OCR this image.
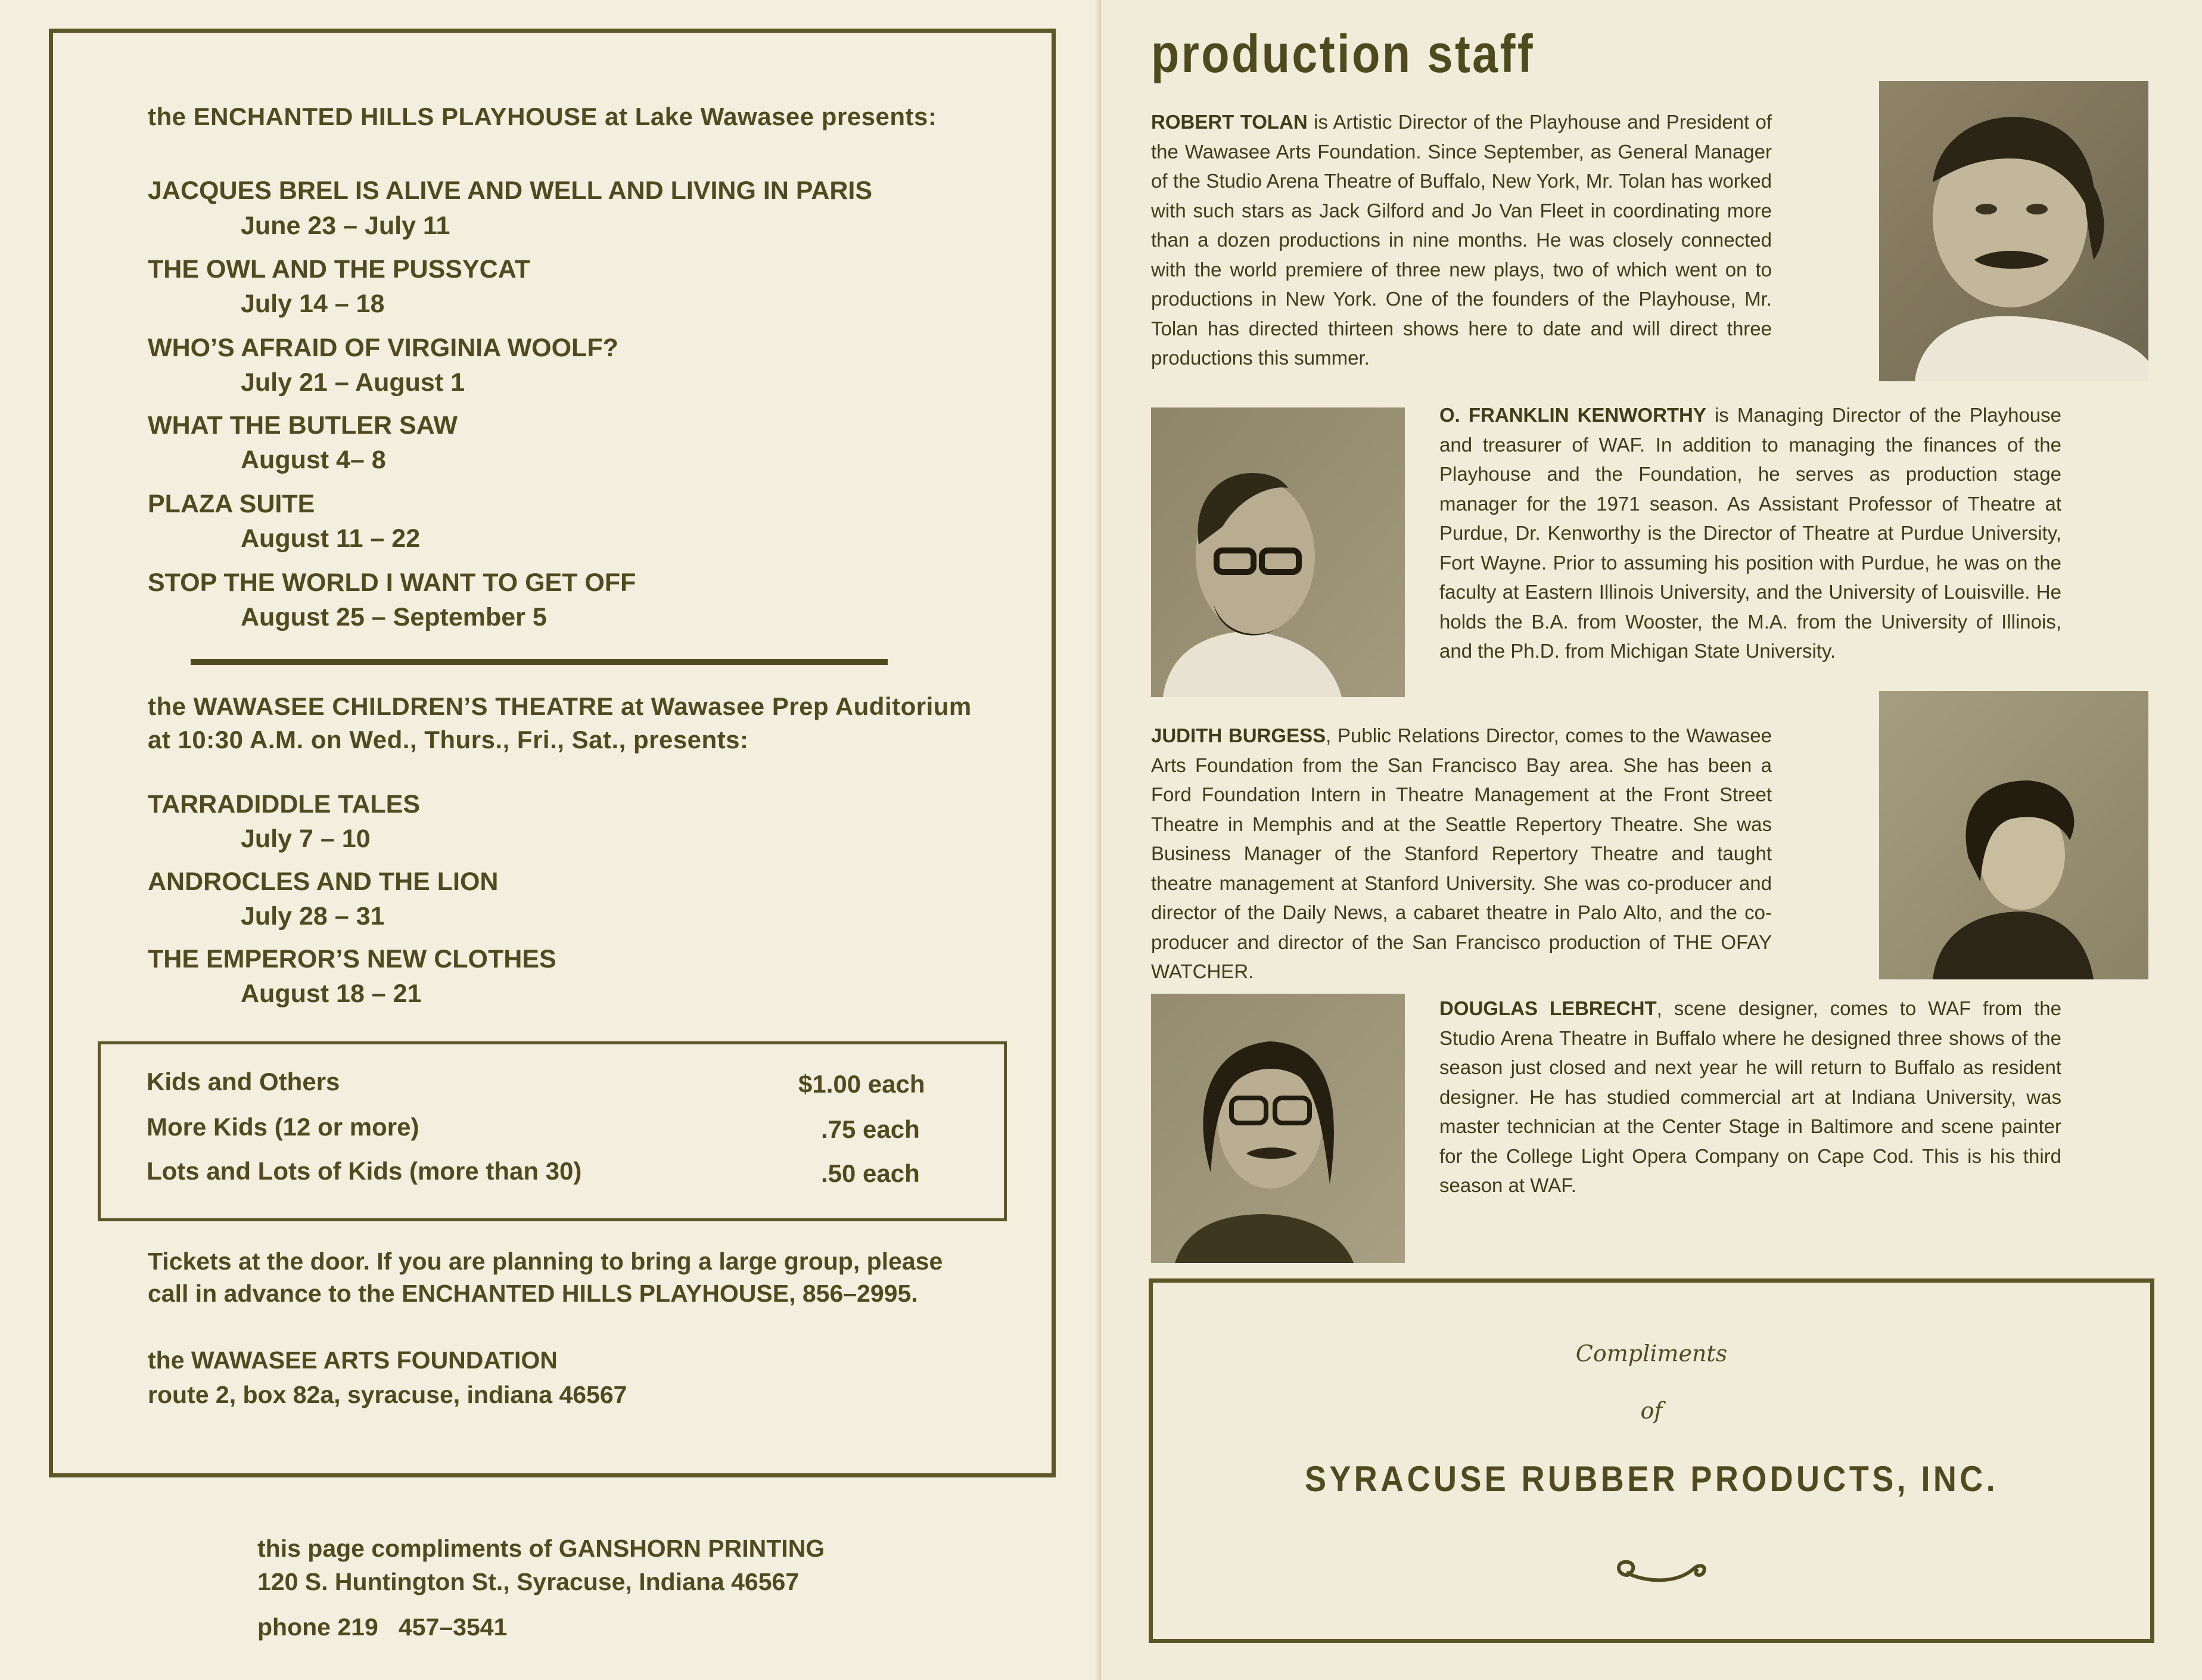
the ENCHANTED HILLS PLAYHOUSE at Lake Wawasee presents:
JACQUES BREL IS ALIVE AND WELL AND LIVING IN PARIS
June 23 – July 11
THE OWL AND THE PUSSYCAT
July 14 – 18
WHO’S AFRAID OF VIRGINIA WOOLF?
July 21 – August 1
WHAT THE BUTLER SAW
August 4– 8
PLAZA SUITE
August 11 – 22
STOP THE WORLD I WANT TO GET OFF
August 25 – September 5
the WAWASEE CHILDREN’S THEATRE at Wawasee Prep Auditorium
at 10:30 A.M. on Wed., Thurs., Fri., Sat., presents:
TARRADIDDLE TALES
July 7 – 10
ANDROCLES AND THE LION
July 28 – 31
THE EMPEROR’S NEW CLOTHES
August 18 – 21
Kids and Others	$1.00 each
More Kids (12 or more)	.75 each
Lots and Lots of Kids (more than 30)	.50 each
Tickets at the door. If you are planning to bring a large group, please
call in advance to the ENCHANTED HILLS PLAYHOUSE, 856–2995.
the WAWASEE ARTS FOUNDATION
route 2, box 82a, syracuse, indiana 46567
this page compliments of GANSHORN PRINTING
120 S. Huntington St., Syracuse, Indiana 46567
phone 219   457–3541
production staff
ROBERT TOLAN is Artistic Director of the Playhouse and President of the Wawasee Arts Foundation. Since September, as General Manager of the Studio Arena Theatre of Buffalo, New York, Mr. Tolan has worked with such stars as Jack Gilford and Jo Van Fleet in coordinating more than a dozen productions in nine months. He was closely connected with the world premiere of three new plays, two of which went on to productions in New York. One of the founders of the Playhouse, Mr. Tolan has directed thirteen shows here to date and will direct three productions this summer.
O. FRANKLIN KENWORTHY is Managing Director of the Playhouse and treasurer of WAF. In addition to managing the finances of the Playhouse and the Foundation, he serves as production stage manager for the 1971 season. As Assistant Professor of Theatre at Purdue, Dr. Kenworthy is the Director of Theatre at Purdue University, Fort Wayne. Prior to assuming his position with Purdue, he was on the faculty at Eastern Illinois University, and the University of Louisville. He holds the B.A. from Wooster, the M.A. from the University of Illinois, and the Ph.D. from Michigan State University.
JUDITH BURGESS, Public Relations Director, comes to the Wawasee Arts Foundation from the San Francisco Bay area. She has been a Ford Foundation Intern in Theatre Management at the Front Street Theatre in Memphis and at the Seattle Repertory Theatre. She was Business Manager of the Stanford Repertory Theatre and taught theatre management at Stanford University. She was co-producer and director of the Daily News, a cabaret theatre in Palo Alto, and the co-producer and director of the San Francisco production of THE OFAY WATCHER.
DOUGLAS LEBRECHT, scene designer, comes to WAF from the Studio Arena Theatre in Buffalo where he designed three shows of the season just closed and next year he will return to Buffalo as resident designer. He has studied commercial art at Indiana University, was master technician at the Center Stage in Baltimore and scene painter for the College Light Opera Company on Cape Cod. This is his third season at WAF.
Compliments
of
SYRACUSE RUBBER PRODUCTS, INC.
